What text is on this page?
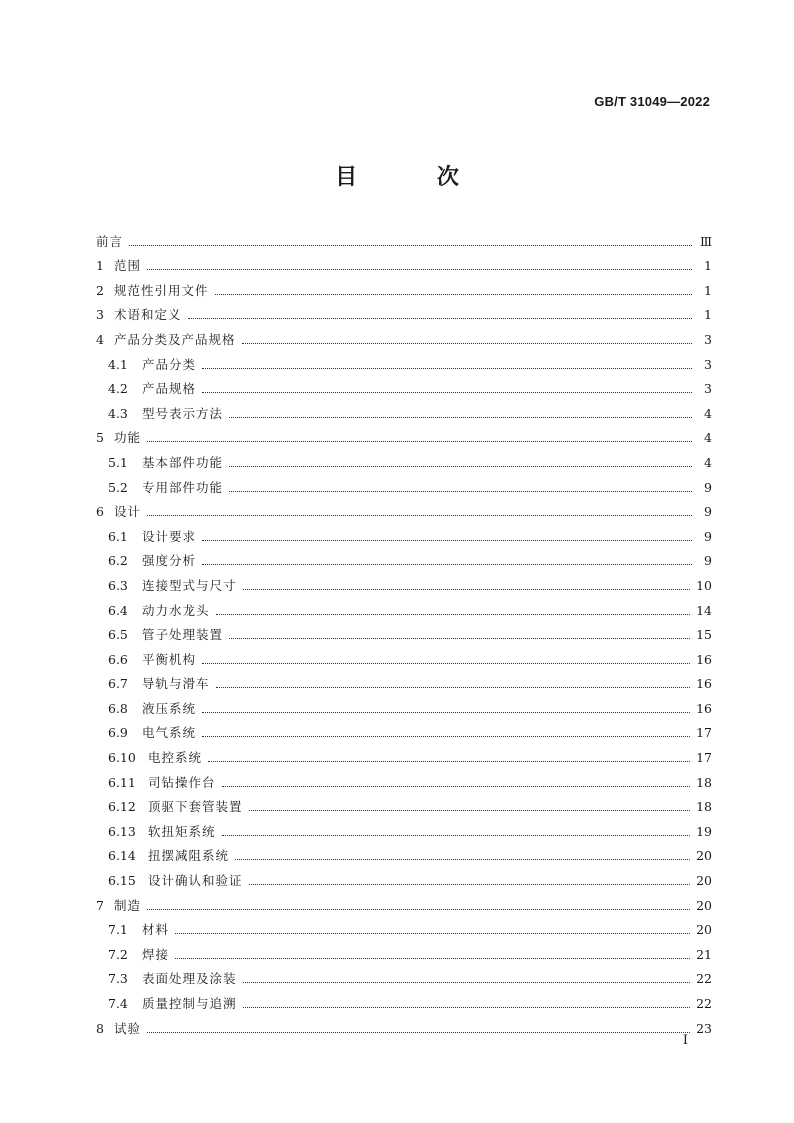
GB/T 31049—2022
目 次
前言	Ⅲ
1 范围	1
2 规范性引用文件	1
3 术语和定义	1
4 产品分类及产品规格	3
4.1	产品分类	3
4.2	产品规格	3
4.3	型号表示方法	4
5 功能	4
5.1	基本部件功能	4
5.2	专用部件功能	9
6 设计	9
6.1	设计要求	9
6.2	强度分析	9
6.3	连接型式与尺寸	10
6.4	动力水龙头	14
6.5	管子处理装置	15
6.6	平衡机构	16
6.7	导轨与滑车	16
6.8	液压系统	16
6.9	电气系统	17
6.10 电控系统	17
6.11 司钻操作台	18
6.12 顶驱下套管装置	18
6.13 软扭矩系统	19
6.14 扭摆减阻系统	20
6.15 设计确认和验证	20
7 制造	20
7.1	材料	20
7.2	焊接	21
7.3	表面处理及涂装	22
7.4	质量控制与追溯	22
8 试验	23
I
